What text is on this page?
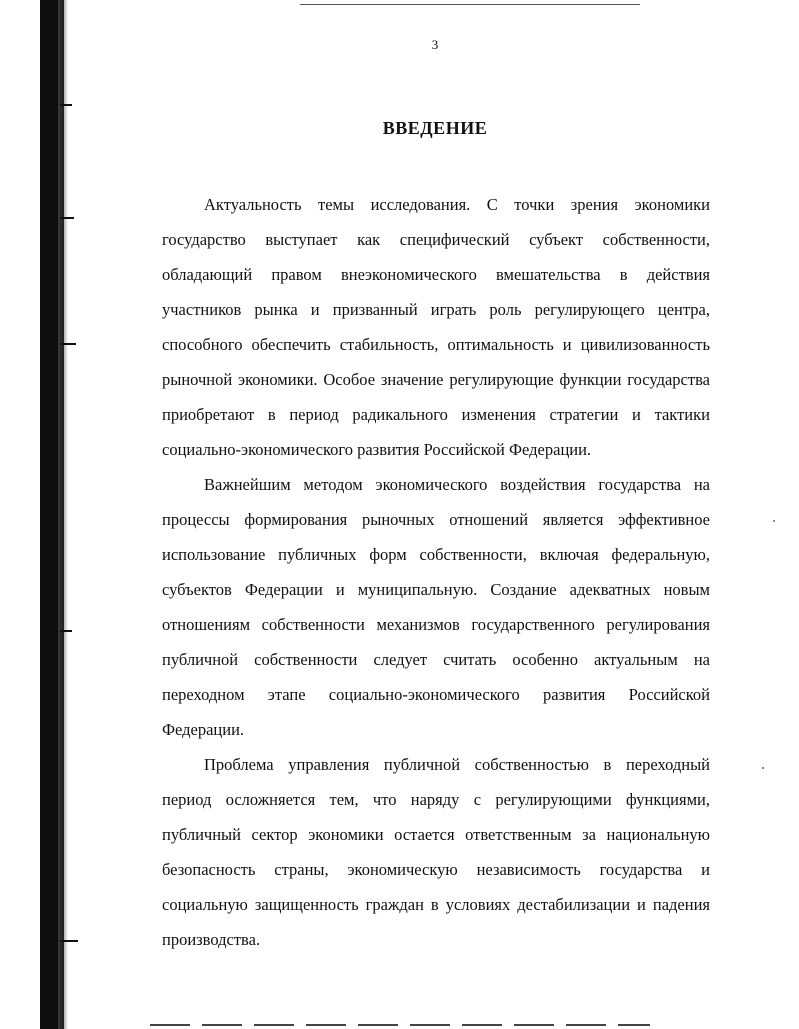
3
ВВЕДЕНИЕ

Актуальность темы исследования. С точки зрения экономики государство выступает как специфический субъект собственности, обладающий правом внеэкономического вмешательства в действия участников рынка и призванный играть роль регулирующего центра, способного обеспечить стабильность, оптимальность и цивилизованность рыночной экономики. Особое значение регулирующие функции государства приобретают в период радикального изменения стратегии и тактики социально-экономического развития Российской Федерации.

Важнейшим методом экономического воздействия государства на процессы формирования рыночных отношений является эффективное использование публичных форм собственности, включая федеральную, субъектов Федерации и муниципальную. Создание адекватных новым отношениям собственности механизмов государственного регулирования публичной собственности следует считать особенно актуальным на переходном этапе социально-экономического развития Российской Федерации.

Проблема управления публичной собственностью в переходный период осложняется тем, что наряду с регулирующими функциями, публичный сектор экономики остается ответственным за национальную безопасность страны, экономическую независимость государства и социальную защищенность граждан в условиях дестабилизации и падения производства.
